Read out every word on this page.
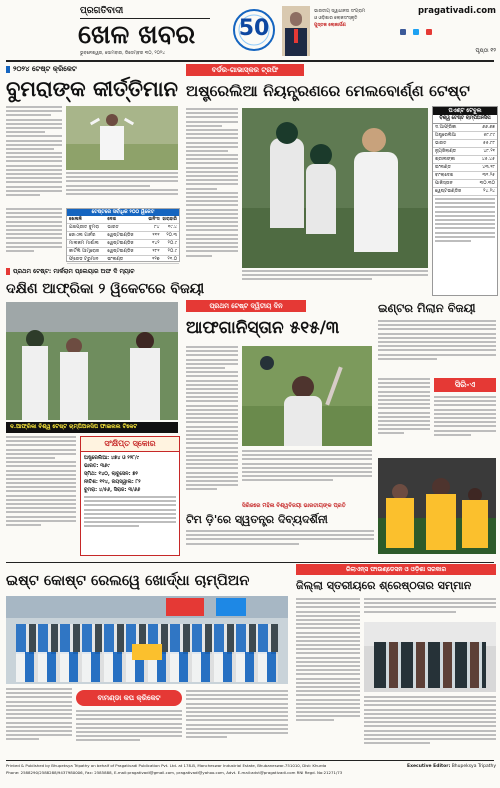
ପ୍ରଗତିବାଦୀ
ଖେଳ ଖବର
ଭୁବନେଶ୍ୱର, ସୋମବାର, ଡିସେମ୍ବର ୩୦, ୨୦୨୪
50
ଭାରତୀୟ ସ୍ୱାଧୀନତା ସଂଗ୍ରାମ
ଓ ଓଡ଼ିଶାର ଲୋକସଂସ୍କୃତି
ପୁସ୍ତକ ଲୋକାର୍ପଣ
pragativadi.com

ପୃଷ୍ଠା ୧୨
୨୦୨୪ ଟେଷ୍ଟ କ୍ରିକେଟ
ବୁମରାଙ୍କ କୀର୍ତ୍ତିମାନ
ଟେଷ୍ଟରେ ସର୍ବାଧିକ ୨୦୦ ୱିକେଟ
ଖେଳାଳି	ଦେଶ	ଇନିଂସ ହାରାହାରି
ଯଶପ୍ରୀତ ବୁମରା	ଭାରତ	୮୪	୧୯.୪
ଜୋଏଲ ଗାର୍ନର	ୱେଷ୍ଟଇଣ୍ଡିଜ	୧୧୧	୨୦.୩
ମାଲକମ ମାର୍ଶାଲ	ୱେଷ୍ଟଇଣ୍ଡିଜ	୧୪୨	୨୦.୯
କାର୍ଟଲି ଆମ୍ବ୍ରୋଜ	ୱେଷ୍ଟଇଣ୍ଡିଜ	୧୮୧	୨୦.୯
ଫ୍ରେଡ ଟ୍ରୁମାନ	ଇଂଲଣ୍ଡ	୧୨୭	୨୧.୦
ପ୍ରଥମ ଟେଷ୍ଟ: ମାର୍କରାମ ପ୍ଲେୟାର ଅଫ ଦି ମ୍ୟାଚ
ଦକ୍ଷିଣ ଆଫ୍ରିକା ୨ ୱିକେଟରେ ବିଜୟୀ
ବର୍ଡର-ଗାଭାସ୍କର ଟ୍ରଫି
ଅଷ୍ଟ୍ରେଲିଆ ନିୟନ୍ତ୍ରଣରେ ମେଲବୋର୍ଣ୍ଣ ଟେଷ୍ଟ
ପଏଣ୍ଟ ଟେବୁଲ
ବିଶ୍ୱ ଟେଷ୍ଟ ଚାମ୍ପିଅନସିପ
ଦ.ଆଫ୍ରିକା	୬୬.୬୭
ଅଷ୍ଟ୍ରେଲିଆ	୫୮.୮୯
ଭାରତ	୫୫.୮୮
ନ୍ୟୁଜିଲାଣ୍ଡ	୪୮.୨୧
ଶ୍ରୀଲଙ୍କା	୪୫.୪୫
ଇଂଲଣ୍ଡ	୪୩.୧୮
ବାଂଲାଦେଶ	୩୧.୨୫
ପାକିସ୍ତାନ	୩୦.୩୦
ୱେଷ୍ଟଇଣ୍ଡିଜ	୨୪.୨୪
ଦ.ଆଫ୍ରିକା ବିଶ୍ୱ ଟେଷ୍ଟ ଚାମ୍ପିଅନସିପ ଫାଇନାଲ ଟିକେଟ
ସଂକ୍ଷିପ୍ତ ସ୍କୋର
ଅଷ୍ଟ୍ରେଲିଆ: ୪୭୪ ଓ ୨୨୮/୯
ଭାରତ: ୩୬୯
ସ୍ମିଥ: ୧୪୦, ଲାବୁସେନ: ୭୨
ନୀତିଶ: ୧୧୪, ଜୟସ୍ୱାଲ: ୮୨
ବୁମରା: ୪/୫୬, ସିରାଜ: ୩/୬୬
ପ୍ରଥମ ଟେଷ୍ଟ ଦ୍ୱିତୀୟ ଦିନ
ଆଫଗାନିସ୍ତାନ ୫୧୫/୩
ସିରିଜରେ ମହିଳା ବିଶ୍ୱବିଜୟୀ ଭାରତୀୟଙ୍କ ପ୍ରତି
ଟିମ ଡ଼ି'ରେ ସ୍ୱତନ୍ତ୍ର ଦିବ୍ୟଦର୍ଶିନୀ
ଇଣ୍ଟର ମିଲାନ ବିଜୟୀ
ସିରି-ଏ
ଇଷ୍ଟ କୋଷ୍ଟ ରେଲୱେ ଖୋର୍ଦ୍ଧା ଚାମ୍ପିଅନ
ବାମଣ୍ଡା କପ କ୍ରିକେଟ
ରିଲାଏନ୍ସ ଫାଉଣ୍ଡେସନ ଓ ଓଡ଼ିଶା ସରକାର
ଜିଲ୍ଲା ସ୍ତରୀୟରେ ଶ୍ରେଷ୍ଠତାର ସମ୍ମାନ
Printed & Published by Bhupeksya Tripathy on behalf of Pragativadi Publication Pvt. Ltd. at 178-B, Mancheswar Industrial Estate, Bhubaneswar-751010, Dist: Khurda
Phone: 2588290/2588288/9437980006, Fax: 2585888, E-mail:pragativadi@gmail.com, pragativadi@yahoo.com, Advt. E-mail:advt@pragativadi.com RNI Regd. No:21271/73
Executive Editor: Bhupeksya Tripathy
